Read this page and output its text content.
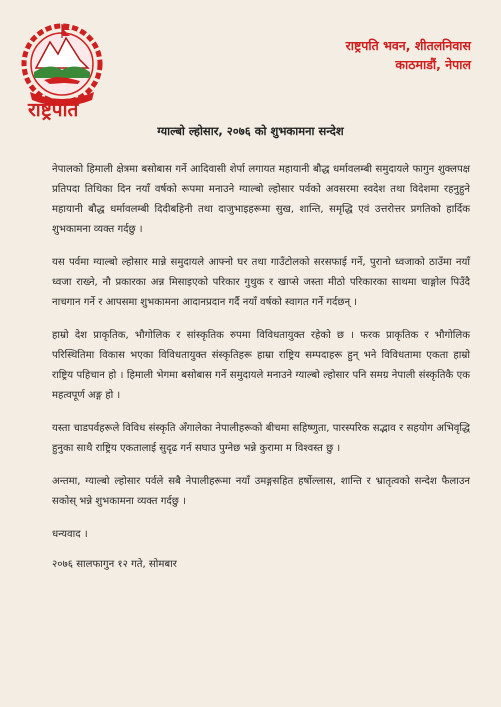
राष्ट्रपति
राष्ट्रपति भवन, शीतलनिवास
काठमाडौं, नेपाल
ग्याल्बो ल्होसार, २०७६ को शुभकामना सन्देश

नेपालको हिमाली क्षेत्रमा बसोबास गर्ने आदिवासी शेर्पा लगायत महायानी बौद्ध धर्मावलम्बी समुदायले फागुन शुक्लपक्ष प्रतिपदा तिथिका दिन नयाँ वर्षको रूपमा मनाउने ग्याल्बो ल्होसार पर्वको अवसरमा स्वदेश तथा विदेशमा रहनुहुने महायानी बौद्ध धर्मावलम्बी दिदीबहिनी तथा दाजुभाइहरूमा सुख, शान्ति, समृद्धि एवं उत्तरोत्तर प्रगतिको हार्दिक शुभकामना व्यक्त गर्दछु ।

यस पर्वमा ग्याल्बो ल्होसार मान्ने समुदायले आफ्नो घर तथा गाउँटोलको सरसफाई गर्ने, पुरानो ध्वजाको ठाउँमा नयाँ ध्वजा राख्ने, नौ प्रकारका अन्न मिसाइएको परिकार गुथुक र खाप्से जस्ता मीठो परिकारका साथमा चाङ्गोल पिउँदै नाचगान गर्ने र आपसमा शुभकामना आदानप्रदान गर्दै नयाँ वर्षको स्वागत गर्ने गर्दछन् ।

हाम्रो देश प्राकृतिक, भौगोलिक र सांस्कृतिक रुपमा विविधतायुक्त रहेको छ । फरक प्राकृतिक र भौगोलिक परिस्थितिमा विकास भएका विविधतायुक्त संस्कृतिहरू हाम्रा राष्ट्रिय सम्पदाहरू हुन् भने विविधतामा एकता हाम्रो राष्ट्रिय पहिचान हो । हिमाली भेगमा बसोबास गर्ने समुदायले मनाउने ग्याल्बो ल्होसार पनि समग्र नेपाली संस्कृतिकै एक महत्वपूर्ण अङ्ग हो ।

यस्ता चाडपर्वहरूले विविध संस्कृति अँगालेका नेपालीहरूको बीचमा सहिष्णुता, पारस्परिक सद्भाव र सहयोग अभिवृद्धि हुनुका साथै राष्ट्रिय एकतालाई सुदृढ गर्न सघाउ पुग्नेछ भन्ने कुरामा म विश्वस्त छु ।

अन्तमा, ग्याल्बो ल्होसार पर्वले सबै नेपालीहरूमा नयाँ उमङ्गसहित हर्षोल्लास, शान्ति र भ्रातृत्वको सन्देश फैलाउन सकोस् भन्ने शुभकामना व्यक्त गर्दछु ।

धन्यवाद ।

२०७६ सालफागुन १२ गते, सोमबार
